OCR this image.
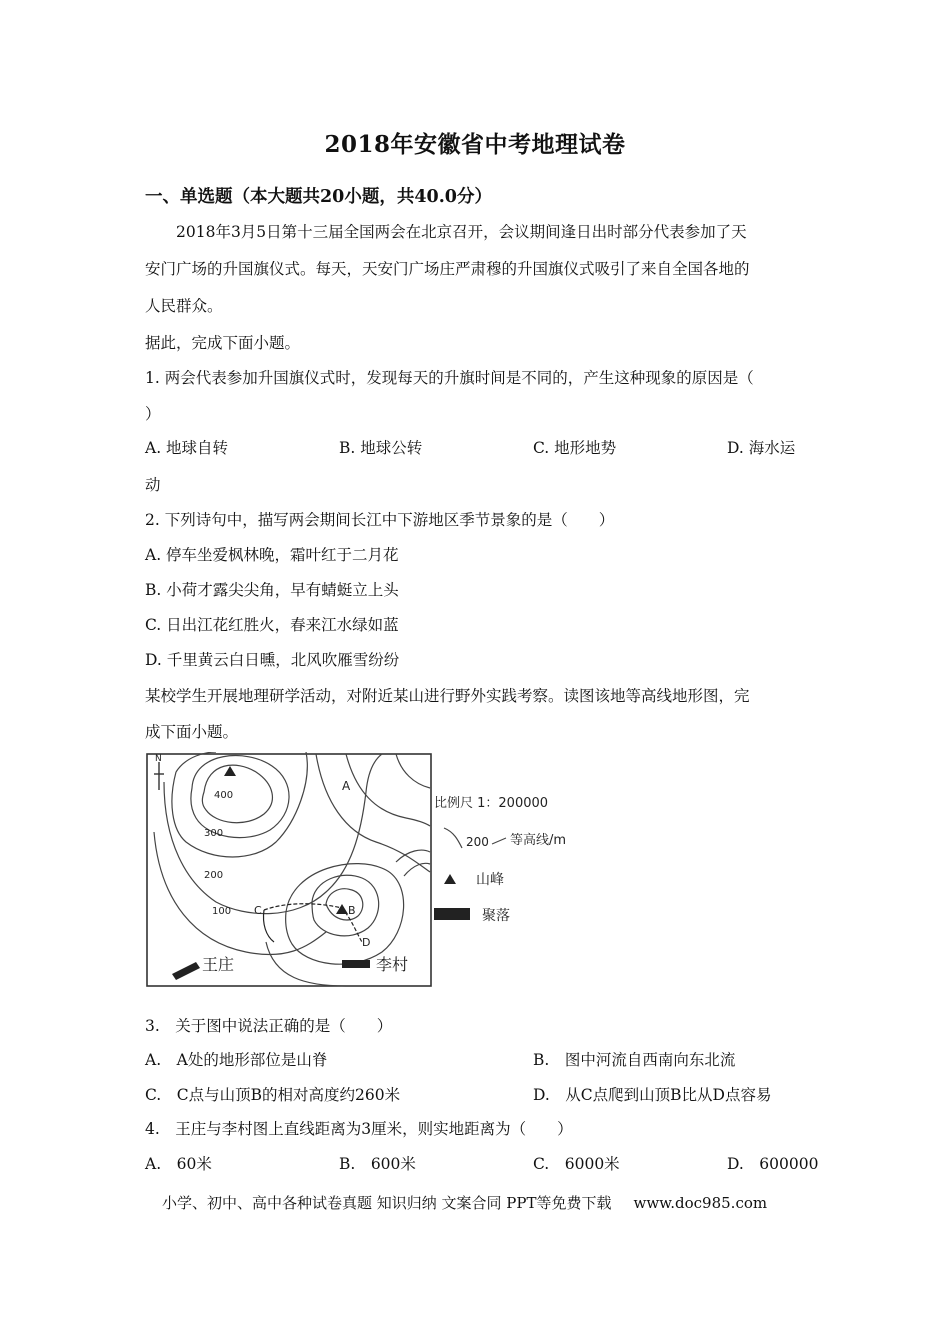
2018年安徽省中考地理试卷
一、单选题（本大题共20小题，共40.0分）
　　2018年3月5日第十三届全国两会在北京召开，会议期间逢日出时部分代表参加了天
安门广场的升国旗仪式。每天，天安门广场庄严肃穆的升国旗仪式吸引了来自全国各地的
人民群众。
据此，完成下面小题。
1. 两会代表参加升国旗仪式时，发现每天的升旗时间是不同的，产生这种现象的原因是（
）
A. 地球自转	B. 地球公转	C. 地形地势	D. 海水运
动
2. 下列诗句中，描写两会期间长江中下游地区季节景象的是（　　）
A. 停车坐爱枫林晚，霜叶红于二月花
B. 小荷才露尖尖角，早有蜻蜓立上头
C. 日出江花红胜火，春来江水绿如蓝
D. 千里黄云白日曛，北风吹雁雪纷纷
某校学生开展地理研学活动，对附近某山进行野外实践考察。读图该地等高线地形图，完
成下面小题。
N
400
300
200
100
A
B
C
D
王庄	李村
比例尺 1：200000
200 等高线/m
山峰
聚落
3.　关于图中说法正确的是（　　）
A.　A处的地形部位是山脊	B.　图中河流自西南向东北流
C.　C点与山顶B的相对高度约260米	D.　从C点爬到山顶B比从D点容易
4.　王庄与李村图上直线距离为3厘米，则实地距离为（　　）
A.　60米	B.　600米	C.　6000米	D.　600000
小学、初中、高中各种试卷真题 知识归纳 文案合同 PPT等免费下载 www.doc985.com
